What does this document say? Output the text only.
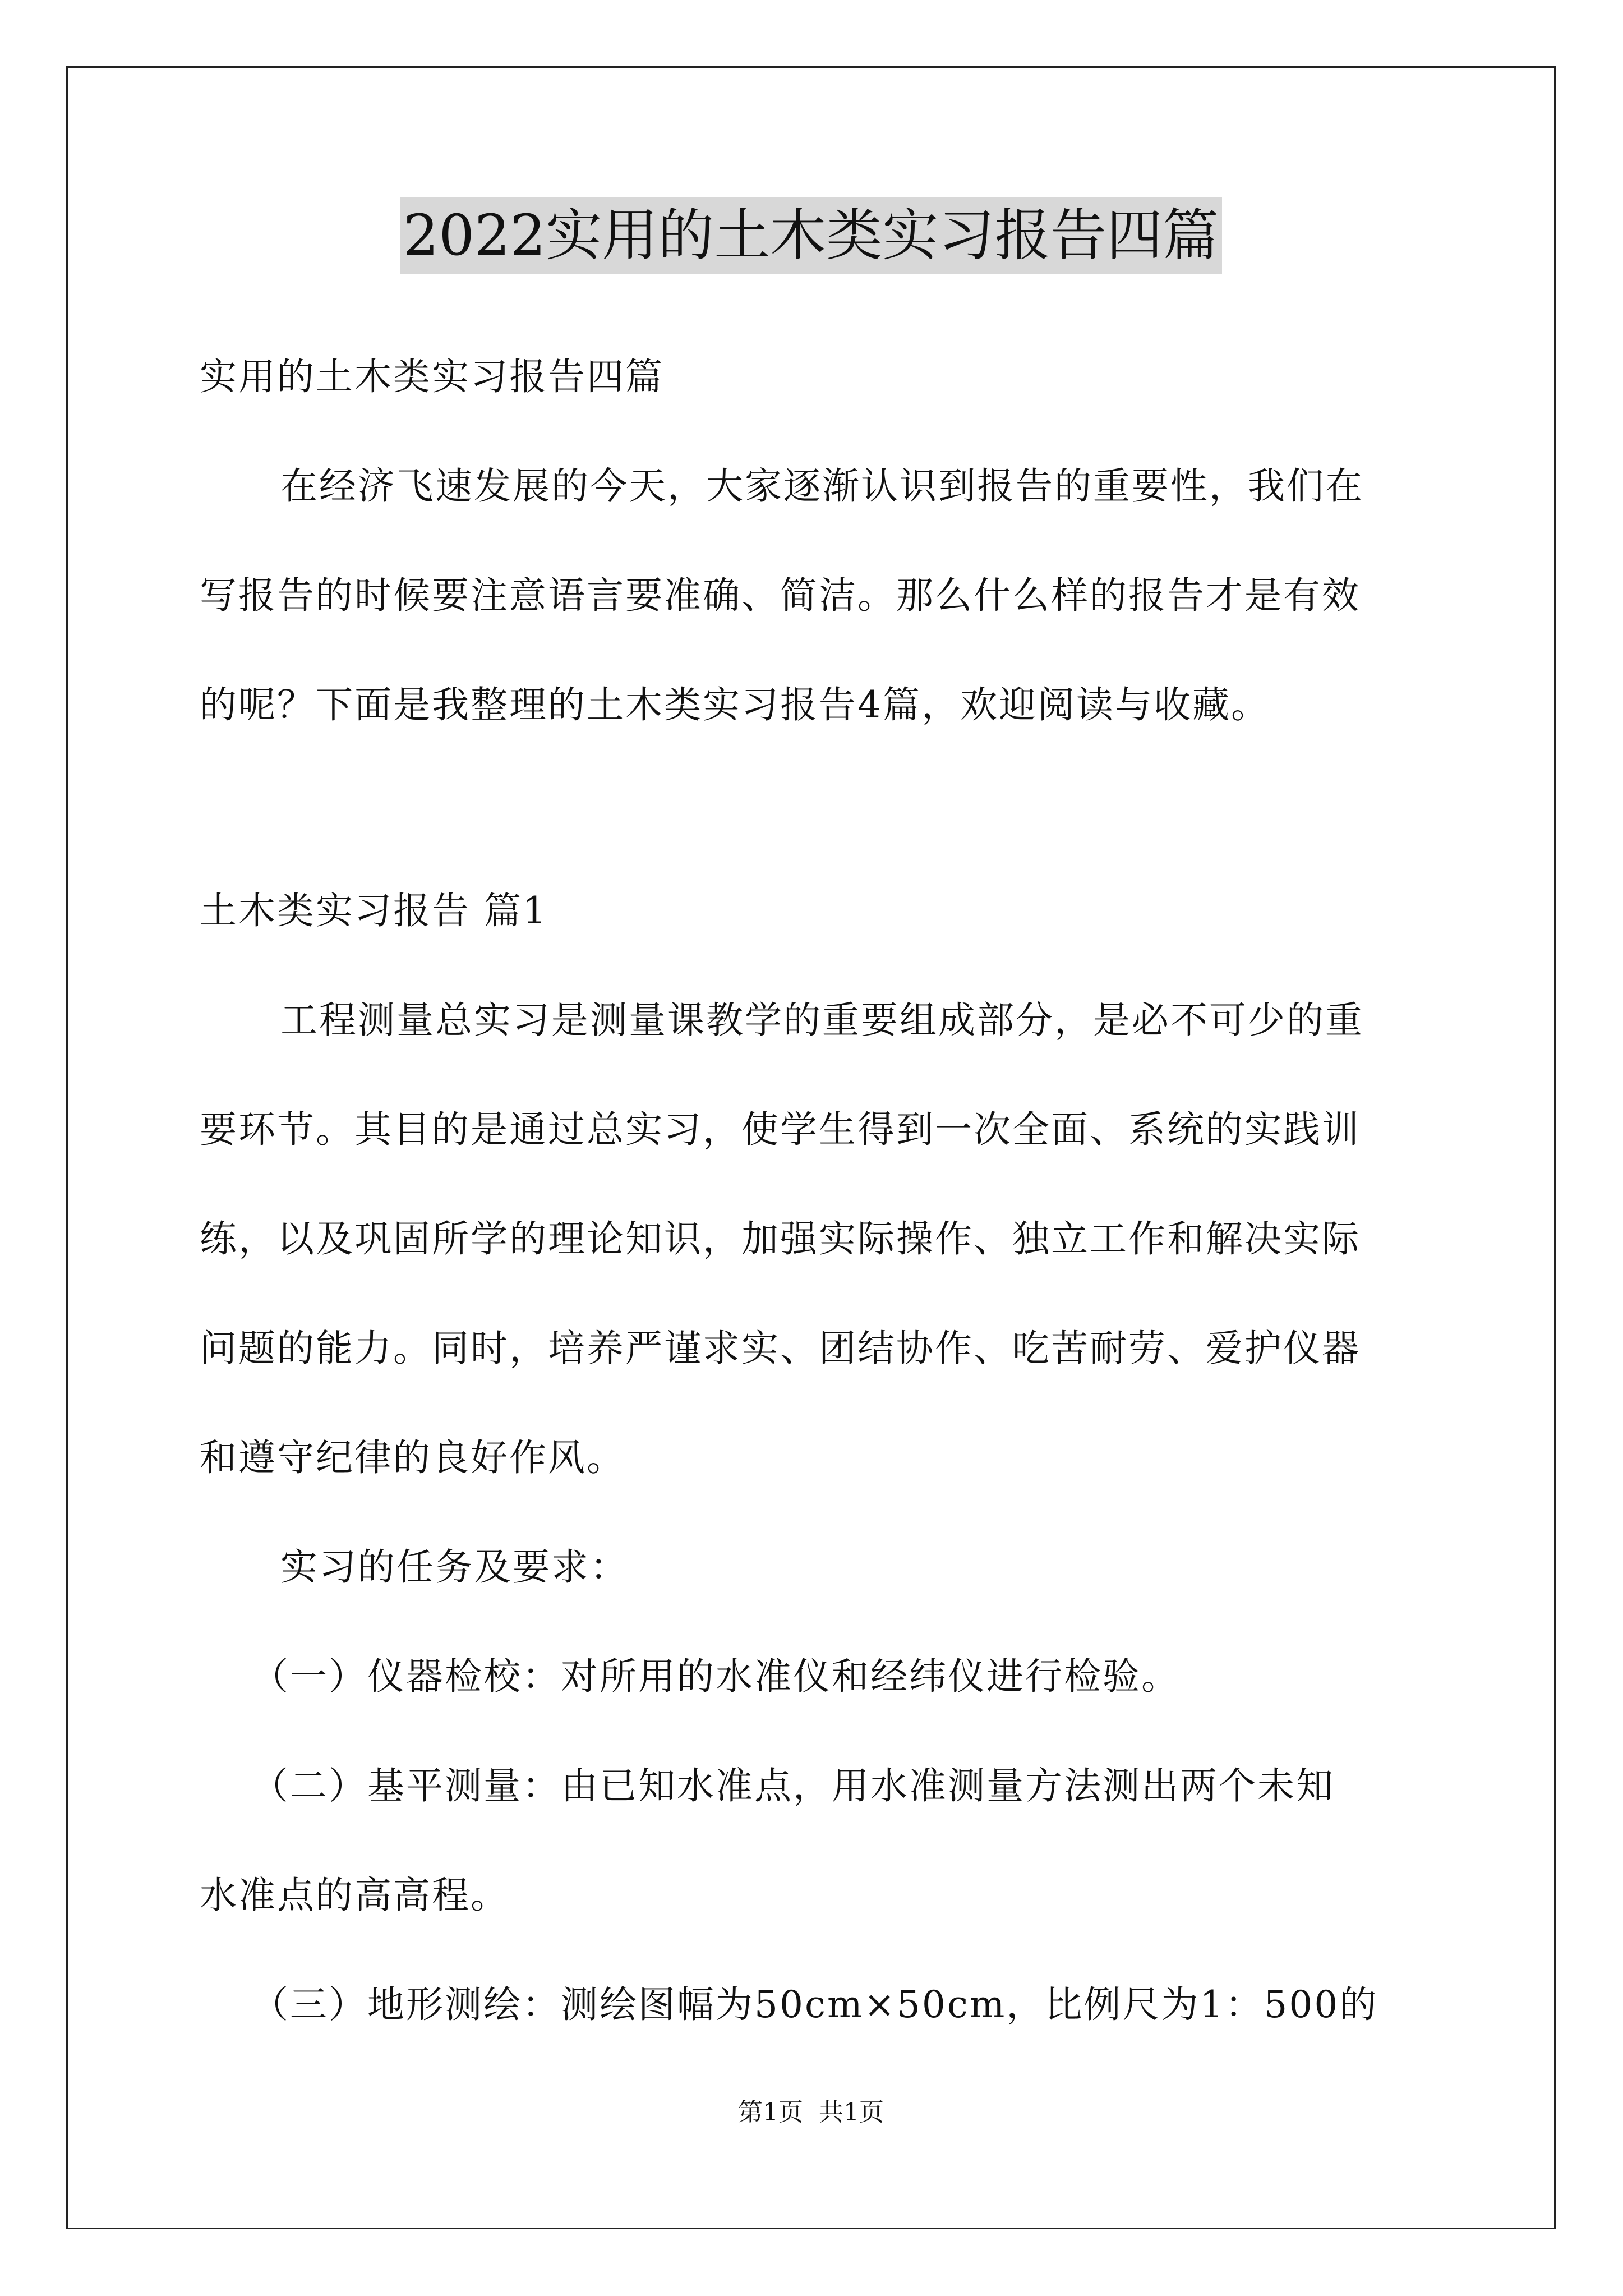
2022实用的土木类实习报告四篇
实用的土木类实习报告四篇
在经济飞速发展的今天，大家逐渐认识到报告的重要性，我们在
写报告的时候要注意语言要准确、简洁。那么什么样的报告才是有效
的呢？下面是我整理的土木类实习报告4篇，欢迎阅读与收藏。
土木类实习报告 篇1
工程测量总实习是测量课教学的重要组成部分，是必不可少的重
要环节。其目的是通过总实习，使学生得到一次全面、系统的实践训
练，以及巩固所学的理论知识，加强实际操作、独立工作和解决实际
问题的能力。同时，培养严谨求实、团结协作、吃苦耐劳、爱护仪器
和遵守纪律的良好作风。
实习的任务及要求：
（一）仪器检校：对所用的水准仪和经纬仪进行检验。
（二）基平测量：由已知水准点，用水准测量方法测出两个未知
水准点的高高程。
（三）地形测绘：测绘图幅为50cm×50cm，比例尺为1：500的
第1页 共1页
